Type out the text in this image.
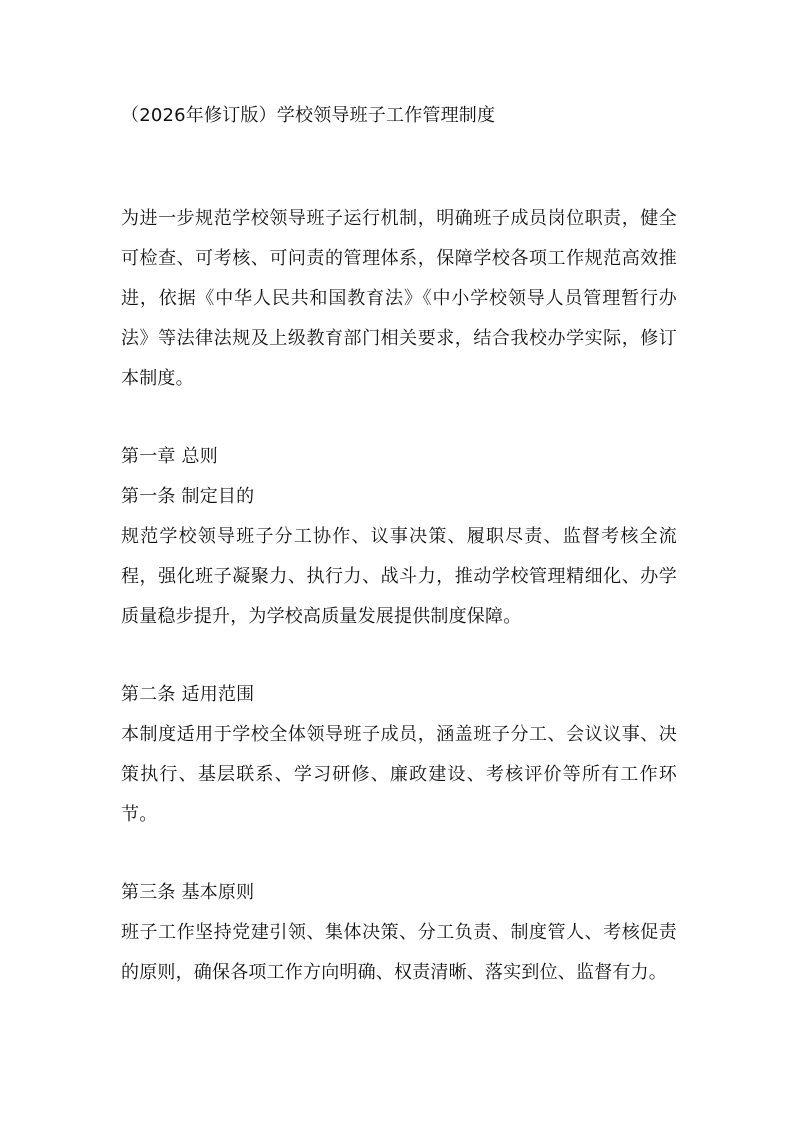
（2026年修订版）学校领导班子工作管理制度

为进一步规范学校领导班子运行机制，明确班子成员岗位职责，健全可检查、可考核、可问责的管理体系，保障学校各项工作规范高效推进，依据《中华人民共和国教育法》《中小学校领导人员管理暂行办法》等法律法规及上级教育部门相关要求，结合我校办学实际，修订本制度。

第一章 总则

第一条 制定目的

规范学校领导班子分工协作、议事决策、履职尽责、监督考核全流程，强化班子凝聚力、执行力、战斗力，推动学校管理精细化、办学质量稳步提升，为学校高质量发展提供制度保障。

第二条 适用范围

本制度适用于学校全体领导班子成员，涵盖班子分工、会议议事、决策执行、基层联系、学习研修、廉政建设、考核评价等所有工作环节。

第三条 基本原则

班子工作坚持党建引领、集体决策、分工负责、制度管人、考核促责的原则，确保各项工作方向明确、权责清晰、落实到位、监督有力。
